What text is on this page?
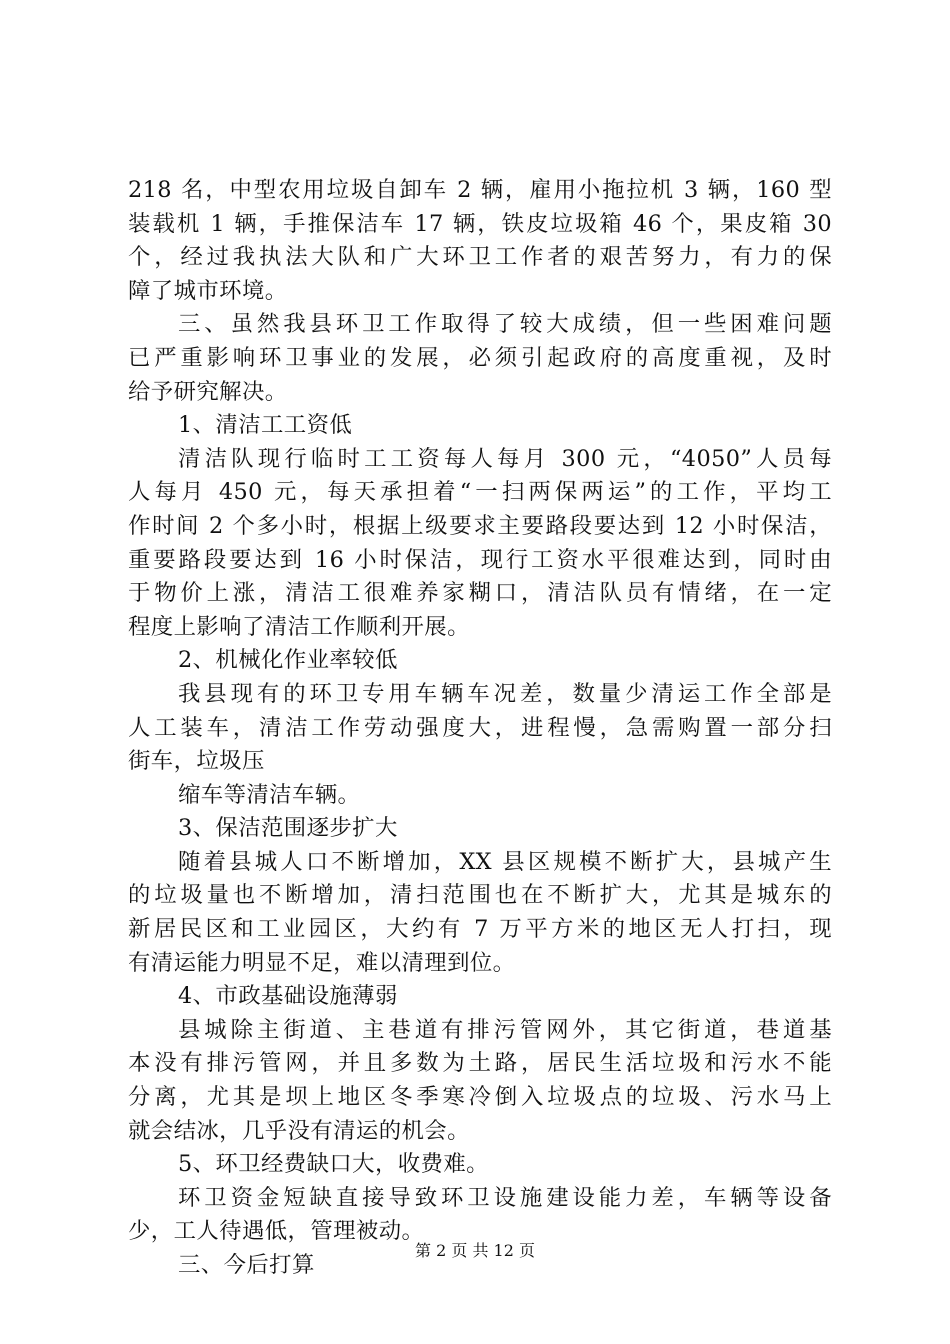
218 名，中型农用垃圾自卸车 2 辆，雇用小拖拉机 3 辆，160 型
装载机 1 辆，手推保洁车 17 辆，铁皮垃圾箱 46 个，果皮箱 30
个，经过我执法大队和广大环卫工作者的艰苦努力，有力的保
障了城市环境。
三、虽然我县环卫工作取得了较大成绩，但一些困难问题
已严重影响环卫事业的发展，必须引起政府的高度重视，及时
给予研究解决。
1、清洁工工资低
清洁队现行临时工工资每人每月 300 元，“4050”人员每
人每月 450 元，每天承担着“一扫两保两运”的工作，平均工
作时间 2 个多小时，根据上级要求主要路段要达到 12 小时保洁，
重要路段要达到 16 小时保洁，现行工资水平很难达到，同时由
于物价上涨，清洁工很难养家糊口，清洁队员有情绪，在一定
程度上影响了清洁工作顺利开展。
2、机械化作业率较低
我县现有的环卫专用车辆车况差，数量少清运工作全部是
人工装车，清洁工作劳动强度大，进程慢，急需购置一部分扫
街车，垃圾压
缩车等清洁车辆。
3、保洁范围逐步扩大
随着县城人口不断增加，XX 县区规模不断扩大，县城产生
的垃圾量也不断增加，清扫范围也在不断扩大，尤其是城东的
新居民区和工业园区，大约有 7 万平方米的地区无人打扫，现
有清运能力明显不足，难以清理到位。
4、市政基础设施薄弱
县城除主街道、主巷道有排污管网外，其它街道，巷道基
本没有排污管网，并且多数为土路，居民生活垃圾和污水不能
分离，尤其是坝上地区冬季寒冷倒入垃圾点的垃圾、污水马上
就会结冰，几乎没有清运的机会。
5、环卫经费缺口大，收费难。
环卫资金短缺直接导致环卫设施建设能力差，车辆等设备
少，工人待遇低，管理被动。
三、今后打算
第 2 页 共 12 页
